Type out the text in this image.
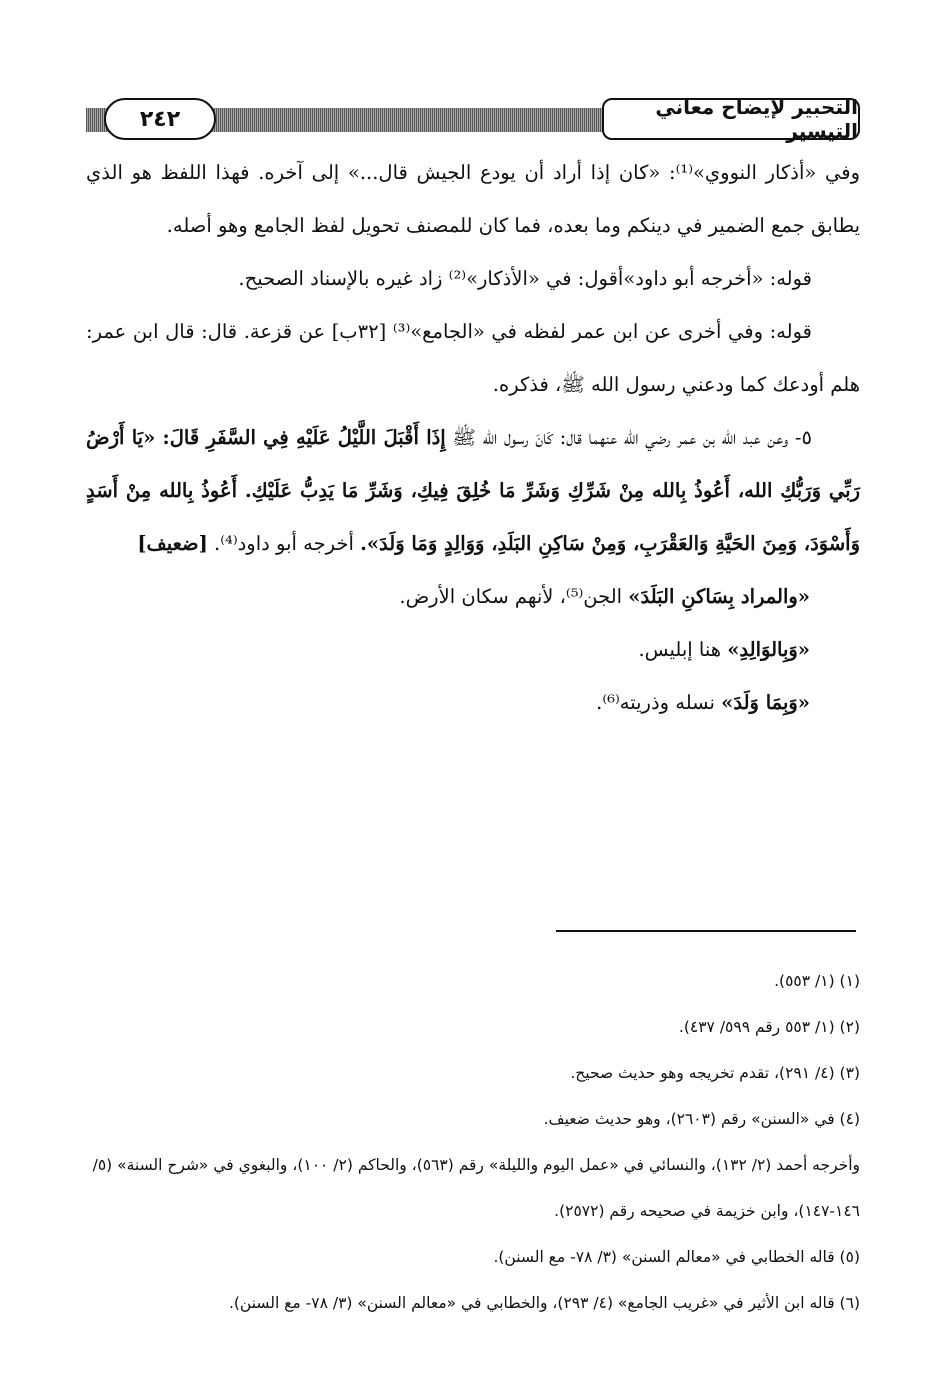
التحبير لإيضاح معاني التيسير
٢٤٢

وفي «أذكار النووي»⁽¹⁾: «كان إذا أراد أن يودع الجيش قال...» إلى آخره. فهذا اللفظ هو الذي يطابق جمع الضمير في دينكم وما بعده، فما كان للمصنف تحويل لفظ الجامع وهو أصله.

قوله: «أخرجه أبو داود»أقول: في «الأذكار»⁽²⁾ زاد غيره بالإسناد الصحيح.

قوله: وفي أخرى عن ابن عمر لفظه في «الجامع»⁽³⁾ [٣٢ب] عن قزعة. قال: قال ابن عمر: هلم أودعك كما ودعني رسول الله ﷺ، فذكره.

٥- وعن عبد الله بن عمر رضي الله عنهما قال: كَانَ رسول الله ﷺ إِذَا أَقْبَلَ اللَّيْلُ عَلَيْهِ فِي السَّفَرِ قَالَ: «يَا أَرْضُ رَبِّي وَرَبُّكِ الله، أَعُوذُ بِالله مِنْ شَرِّكِ وَشَرِّ مَا خُلِقَ فِيكِ، وَشَرِّ مَا يَدِبُّ عَلَيْكِ. أَعُوذُ بِالله مِنْ أَسَدٍ وَأَسْوَدَ، وَمِنَ الحَيَّةِ وَالعَقْرَبِ، وَمِنْ سَاكِنِ البَلَدِ، وَوَالِدٍ وَمَا وَلَدَ». أخرجه أبو داود⁽⁴⁾. [ضعيف]

«والمراد بِسَاكنِ البَلَدَ» الجن⁽⁵⁾، لأنهم سكان الأرض.

«وَبِالوَالِدِ» هنا إبليس.

«وَبِمَا وَلَدَ» نسله وذريته⁽⁶⁾.

(١) (١/ ٥٥٣).

(٢) (١/ ٥٥٣ رقم ٥٩٩/ ٤٣٧).

(٣) (٤/ ٢٩١)، تقدم تخريجه وهو حديث صحيح.

(٤) في «السنن» رقم (٢٦٠٣)، وهو حديث ضعيف.

وأخرجه أحمد (٢/ ١٣٢)، والنسائي في «عمل اليوم والليلة» رقم (٥٦٣)، والحاكم (٢/ ١٠٠)، والبغوي في «شرح السنة» (٥/ ١٤٦-١٤٧)، وابن خزيمة في صحيحه رقم (٢٥٧٢).

(٥) قاله الخطابي في «معالم السنن» (٣/ ٧٨- مع السنن).

(٦) قاله ابن الأثير في «غريب الجامع» (٤/ ٢٩٣)، والخطابي في «معالم السنن» (٣/ ٧٨- مع السنن).
